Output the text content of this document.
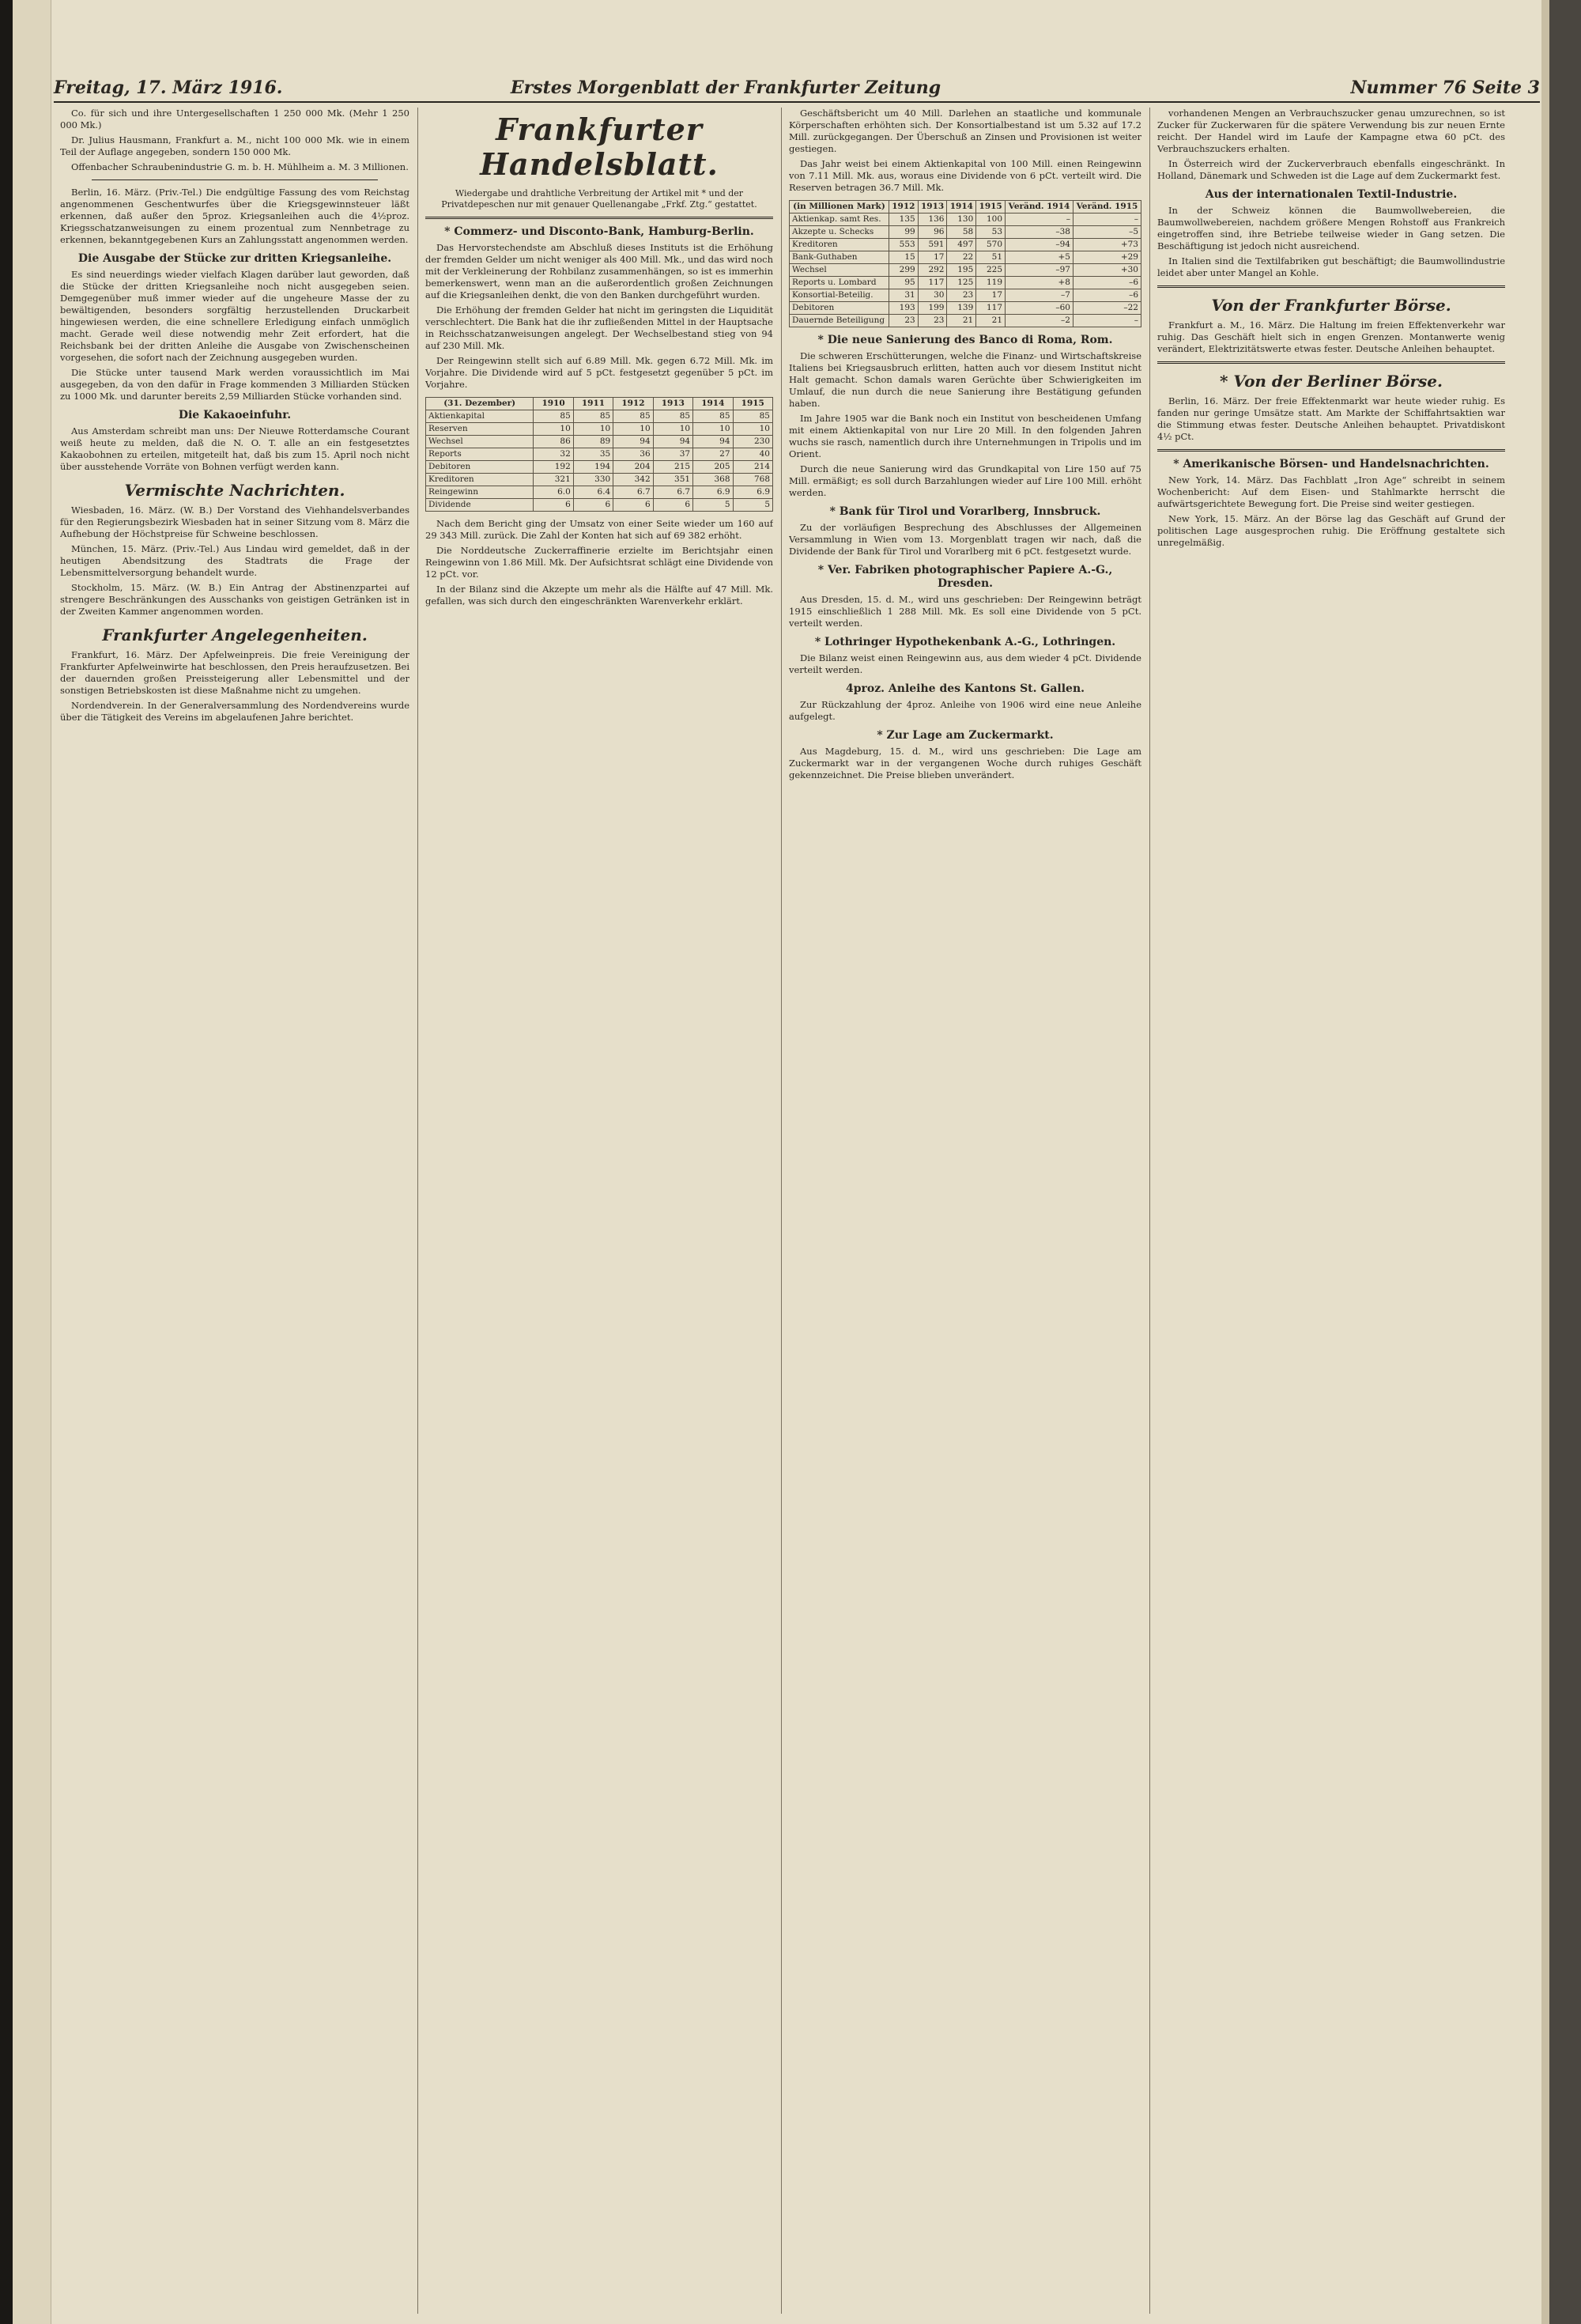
Freitag, 17. März 1916.	Erstes Morgenblatt der Frankfurter Zeitung	Nummer 76 Seite 3

Co. für sich und ihre Untergesellschaften 1 250 000 Mk. (Mehr 1 250 000 Mk.)

Dr. Julius Hausmann, Frankfurt a. M., nicht 100 000 Mk. wie in einem Teil der Auflage angegeben, sondern 150 000 Mk.

Offenbacher Schraubenindustrie G. m. b. H. Mühlheim a. M. 3 Millionen.

Berlin, 16. März. (Priv.-Tel.) Die endgültige Fassung des vom Reichstag angenommenen Geschentwurfes über die Kriegsgewinnsteuer läßt erkennen, daß außer den 5proz. Kriegsanleihen auch die 4½proz. Kriegsschatzanweisungen zu einem prozentual zum Nennbetrage zu erkennen, bekanntgegebenen Kurs an Zahlungsstatt angenommen werden.

Die Ausgabe der Stücke zur dritten Kriegsanleihe.

Es sind neuerdings wieder vielfach Klagen darüber laut geworden, daß die Stücke der dritten Kriegsanleihe noch nicht ausgegeben seien. Demgegenüber muß immer wieder auf die ungeheure Masse der zu bewältigenden, besonders sorgfältig herzustellenden Druckarbeit hingewiesen werden, die eine schnellere Erledigung einfach unmöglich macht. Gerade weil diese notwendig mehr Zeit erfordert, hat die Reichsbank bei der dritten Anleihe die Ausgabe von Zwischenscheinen vorgesehen, die sofort nach der Zeichnung ausgegeben wurden.

Die Stücke unter tausend Mark werden voraussichtlich im Mai ausgegeben, da von den dafür in Frage kommenden 3 Milliarden Stücken zu 1000 Mk. und darunter bereits 2,59 Milliarden Stücke vorhanden sind.

Die Kakaoeinfuhr.

Aus Amsterdam schreibt man uns: Der Nieuwe Rotterdamsche Courant weiß heute zu melden, daß die N. O. T. alle an ein festgesetztes Kakaobohnen zu erteilen, mitgeteilt hat, daß bis zum 15. April noch nicht über ausstehende Vorräte von Bohnen verfügt werden kann.

Vermischte Nachrichten.

Wiesbaden, 16. März. (W. B.) Der Vorstand des Viehhandelsverbandes für den Regierungsbezirk Wiesbaden hat in seiner Sitzung vom 8. März die Aufhebung der Höchstpreise für Schweine beschlossen.

München, 15. März. (Priv.-Tel.) Aus Lindau wird gemeldet, daß in der heutigen Abendsitzung des Stadtrats die Frage der Lebensmittelversorgung behandelt wurde.

Stockholm, 15. März. (W. B.) Ein Antrag der Abstinenzpartei auf strengere Beschränkungen des Ausschanks von geistigen Getränken ist in der Zweiten Kammer angenommen worden.

Frankfurter Angelegenheiten.

Frankfurt, 16. März. Der Apfelweinpreis. Die freie Vereinigung der Frankfurter Apfelweinwirte hat beschlossen, den Preis heraufzusetzen. Bei der dauernden großen Preissteigerung aller Lebensmittel und der sonstigen Betriebskosten ist diese Maßnahme nicht zu umgehen.

Nordendverein. In der Generalversammlung des Nordendvereins wurde über die Tätigkeit des Vereins im abgelaufenen Jahre berichtet.

Frankfurter Handelsblatt.
Wiedergabe und drahtliche Verbreitung der Artikel mit * und der Privatdepeschen nur mit genauer Quellenangabe „Frkf. Ztg.“ gestattet.
* Commerz- und Disconto-Bank, Hamburg-Berlin.

Das Hervorstechendste am Abschluß dieses Instituts ist die Erhöhung der fremden Gelder um nicht weniger als 400 Mill. Mk., und das wird noch mit der Verkleinerung der Rohbilanz zusammenhängen, so ist es immerhin bemerkenswert, wenn man an die außerordentlich großen Zeichnungen auf die Kriegsanleihen denkt, die von den Banken durchgeführt wurden.

Die Erhöhung der fremden Gelder hat nicht im geringsten die Liquidität verschlechtert. Die Bank hat die ihr zufließenden Mittel in der Hauptsache in Reichsschatzanweisungen angelegt. Der Wechselbestand stieg von 94 auf 230 Mill. Mk.

Der Reingewinn stellt sich auf 6.89 Mill. Mk. gegen 6.72 Mill. Mk. im Vorjahre. Die Dividende wird auf 5 pCt. festgesetzt gegenüber 5 pCt. im Vorjahre.

(31. Dezember)	1910	1911	1912	1913	1914	1915
Aktienkapital	85	85	85	85	85	85
Reserven	10	10	10	10	10	10
Wechsel	86	89	94	94	94	230
Reports	32	35	36	37	27	40
Debitoren	192	194	204	215	205	214
Kreditoren	321	330	342	351	368	768
Reingewinn	6.0	6.4	6.7	6.7	6.9	6.9
Dividende	6	6	6	6	5	5

Nach dem Bericht ging der Umsatz von einer Seite wieder um 160 auf 29 343 Mill. zurück. Die Zahl der Konten hat sich auf 69 382 erhöht.

Die Norddeutsche Zuckerraffinerie erzielte im Berichtsjahr einen Reingewinn von 1.86 Mill. Mk. Der Aufsichtsrat schlägt eine Dividende von 12 pCt. vor.

In der Bilanz sind die Akzepte um mehr als die Hälfte auf 47 Mill. Mk. gefallen, was sich durch den eingeschränkten Warenverkehr erklärt.

Geschäftsbericht um 40 Mill. Darlehen an staatliche und kommunale Körperschaften erhöhten sich. Der Konsortialbestand ist um 5.32 auf 17.2 Mill. zurückgegangen. Der Überschuß an Zinsen und Provisionen ist weiter gestiegen.

Das Jahr weist bei einem Aktienkapital von 100 Mill. einen Reingewinn von 7.11 Mill. Mk. aus, woraus eine Dividende von 6 pCt. verteilt wird. Die Reserven betragen 36.7 Mill. Mk.

(in Millionen Mark)	1912	1913	1914	1915	Veränd. 1914	Veränd. 1915
Aktienkap. samt Res.	135	136	130	100	–	–
Akzepte u. Schecks	99	96	58	53	–38	–5
Kreditoren	553	591	497	570	–94	+73
Bank-Guthaben	15	17	22	51	+5	+29
Wechsel	299	292	195	225	–97	+30
Reports u. Lombard	95	117	125	119	+8	–6
Konsortial-Beteilig.	31	30	23	17	–7	–6
Debitoren	193	199	139	117	–60	–22
Dauernde Beteiligung	23	23	21	21	–2	–
* Die neue Sanierung des Banco di Roma, Rom.

Die schweren Erschütterungen, welche die Finanz- und Wirtschaftskreise Italiens bei Kriegsausbruch erlitten, hatten auch vor diesem Institut nicht Halt gemacht. Schon damals waren Gerüchte über Schwierigkeiten im Umlauf, die nun durch die neue Sanierung ihre Bestätigung gefunden haben.

Im Jahre 1905 war die Bank noch ein Institut von bescheidenen Umfang mit einem Aktienkapital von nur Lire 20 Mill. In den folgenden Jahren wuchs sie rasch, namentlich durch ihre Unternehmungen in Tripolis und im Orient.

Durch die neue Sanierung wird das Grundkapital von Lire 150 auf 75 Mill. ermäßigt; es soll durch Barzahlungen wieder auf Lire 100 Mill. erhöht werden.

* Bank für Tirol und Vorarlberg, Innsbruck.

Zu der vorläufigen Besprechung des Abschlusses der Allgemeinen Versammlung in Wien vom 13. Morgenblatt tragen wir nach, daß die Dividende der Bank für Tirol und Vorarlberg mit 6 pCt. festgesetzt wurde.

* Ver. Fabriken photographischer Papiere A.-G., Dresden.

Aus Dresden, 15. d. M., wird uns geschrieben: Der Reingewinn beträgt 1915 einschließlich 1 288 Mill. Mk. Es soll eine Dividende von 5 pCt. verteilt werden.

* Lothringer Hypothekenbank A.-G., Lothringen.

Die Bilanz weist einen Reingewinn aus, aus dem wieder 4 pCt. Dividende verteilt werden.

4proz. Anleihe des Kantons St. Gallen.

Zur Rückzahlung der 4proz. Anleihe von 1906 wird eine neue Anleihe aufgelegt.

* Zur Lage am Zuckermarkt.

Aus Magdeburg, 15. d. M., wird uns geschrieben: Die Lage am Zuckermarkt war in der vergangenen Woche durch ruhiges Geschäft gekennzeichnet. Die Preise blieben unverändert.

vorhandenen Mengen an Verbrauchszucker genau umzurechnen, so ist Zucker für Zuckerwaren für die spätere Verwendung bis zur neuen Ernte reicht. Der Handel wird im Laufe der Kampagne etwa 60 pCt. des Verbrauchszuckers erhalten.

In Österreich wird der Zuckerverbrauch ebenfalls eingeschränkt. In Holland, Dänemark und Schweden ist die Lage auf dem Zuckermarkt fest.

Aus der internationalen Textil-Industrie.

In der Schweiz können die Baumwollwebereien, die Baumwollwebereien, nachdem größere Mengen Rohstoff aus Frankreich eingetroffen sind, ihre Betriebe teilweise wieder in Gang setzen. Die Beschäftigung ist jedoch nicht ausreichend.

In Italien sind die Textilfabriken gut beschäftigt; die Baumwollindustrie leidet aber unter Mangel an Kohle.

Von der Frankfurter Börse.

Frankfurt a. M., 16. März. Die Haltung im freien Effektenverkehr war ruhig. Das Geschäft hielt sich in engen Grenzen. Montanwerte wenig verändert, Elektrizitätswerte etwas fester. Deutsche Anleihen behauptet.

* Von der Berliner Börse.

Berlin, 16. März. Der freie Effektenmarkt war heute wieder ruhig. Es fanden nur geringe Umsätze statt. Am Markte der Schiffahrtsaktien war die Stimmung etwas fester. Deutsche Anleihen behauptet. Privatdiskont 4½ pCt.

* Amerikanische Börsen- und Handelsnachrichten.

New York, 14. März. Das Fachblatt „Iron Age“ schreibt in seinem Wochenbericht: Auf dem Eisen- und Stahlmarkte herrscht die aufwärtsgerichtete Bewegung fort. Die Preise sind weiter gestiegen.

New York, 15. März. An der Börse lag das Geschäft auf Grund der politischen Lage ausgesprochen ruhig. Die Eröffnung gestaltete sich unregelmäßig.
